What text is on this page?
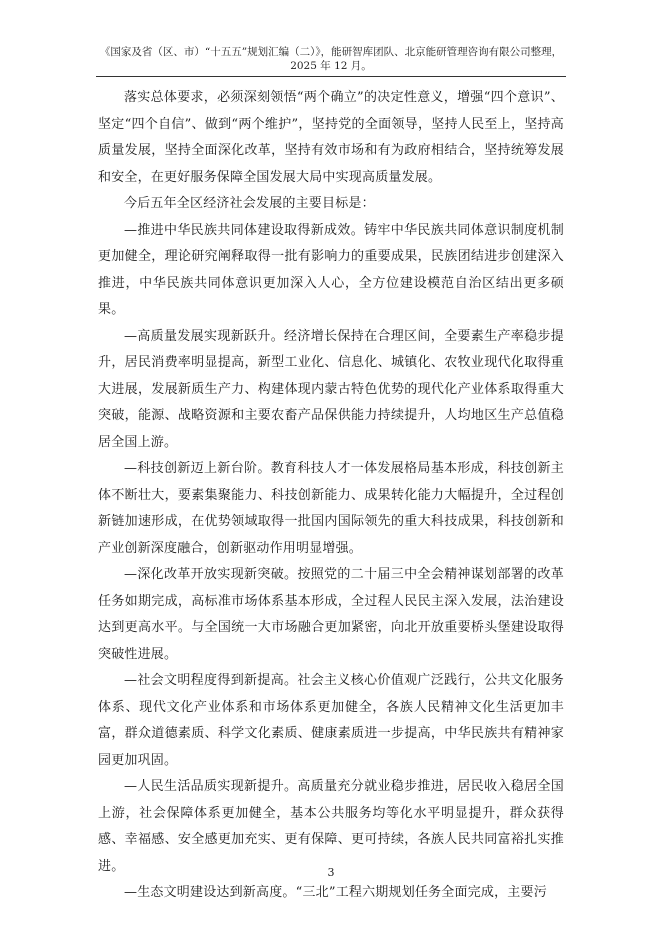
《国家及省（区、市）“十五五”规划汇编（二）》，能研智库团队、北京能研管理咨询有限公司整理，
2025 年 12 月。

落实总体要求，必须深刻领悟“两个确立”的决定性意义，增强“四个意识”、坚定“四个自信”、做到“两个维护”，坚持党的全面领导，坚持人民至上，坚持高质量发展，坚持全面深化改革，坚持有效市场和有为政府相结合，坚持统筹发展和安全，在更好服务保障全国发展大局中实现高质量发展。

今后五年全区经济社会发展的主要目标是：

—推进中华民族共同体建设取得新成效。铸牢中华民族共同体意识制度机制更加健全，理论研究阐释取得一批有影响力的重要成果，民族团结进步创建深入推进，中华民族共同体意识更加深入人心，全方位建设模范自治区结出更多硕果。

—高质量发展实现新跃升。经济增长保持在合理区间，全要素生产率稳步提升，居民消费率明显提高，新型工业化、信息化、城镇化、农牧业现代化取得重大进展，发展新质生产力、构建体现内蒙古特色优势的现代化产业体系取得重大突破，能源、战略资源和主要农畜产品保供能力持续提升，人均地区生产总值稳居全国上游。

—科技创新迈上新台阶。教育科技人才一体发展格局基本形成，科技创新主体不断壮大，要素集聚能力、科技创新能力、成果转化能力大幅提升，全过程创新链加速形成，在优势领域取得一批国内国际领先的重大科技成果，科技创新和产业创新深度融合，创新驱动作用明显增强。

—深化改革开放实现新突破。按照党的二十届三中全会精神谋划部署的改革任务如期完成，高标准市场体系基本形成，全过程人民民主深入发展，法治建设达到更高水平。与全国统一大市场融合更加紧密，向北开放重要桥头堡建设取得突破性进展。

—社会文明程度得到新提高。社会主义核心价值观广泛践行，公共文化服务体系、现代文化产业体系和市场体系更加健全，各族人民精神文化生活更加丰富，群众道德素质、科学文化素质、健康素质进一步提高，中华民族共有精神家园更加巩固。

—人民生活品质实现新提升。高质量充分就业稳步推进，居民收入稳居全国上游，社会保障体系更加健全，基本公共服务均等化水平明显提升，群众获得感、幸福感、安全感更加充实、更有保障、更可持续，各族人民共同富裕扎实推进。

—生态文明建设达到新高度。“三北”工程六期规划任务全面完成，主要污

3
